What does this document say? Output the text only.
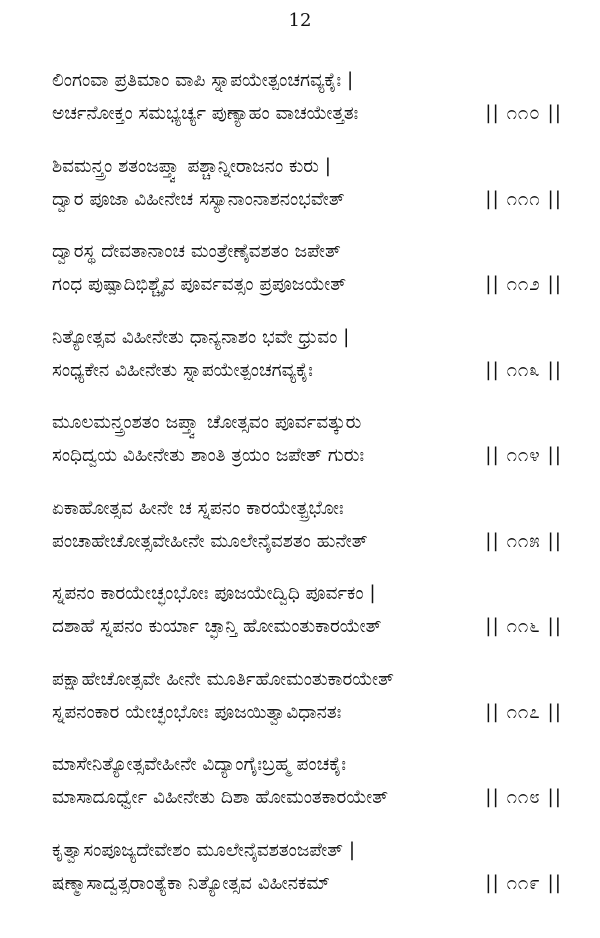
12
ಲಿಂಗಂವಾ ಪ್ರತಿಮಾಂ ವಾಪಿ ಸ್ನಾಪಯೇತ್ಪಂಚಗವ್ಯಕೈಃ |
ಅರ್ಚನೋಕ್ತಂ ಸಮಭ್ಯರ್ಚ್ಯ ಪುಣ್ಯಾಹಂ ವಾಚಯೇತ್ತತಃ	|| ೧೧೦ ||
ಶಿವಮನ್ತ್ರಂ ಶತಂಜಪ್ತ್ವಾ ಪಶ್ಚಾನ್ನೀರಾಜನಂ ಕುರು |
ದ್ವಾರ ಪೂಜಾ ವಿಹೀನೇಚ ಸಸ್ಯಾನಾಂನಾಶನಂಭವೇತ್	|| ೧೧೧ ||
ದ್ವಾರಸ್ಥ ದೇವತಾನಾಂಚ ಮಂತ್ರೇಣೈವಶತಂ ಜಪೇತ್
ಗಂಧ ಪುಷ್ಪಾದಿಭಿಶ್ಚೈವ ಪೂರ್ವವತ್ಸಂ ಪ್ರಪೂಜಯೇತ್	|| ೧೧೨ ||
ನಿತ್ಯೋತ್ಸವ ವಿಹೀನೇತು ಧಾನ್ಯನಾಶಂ ಭವೇ ಧ್ರುವಂ |
ಸಂಧ್ಯಕೇನ ವಿಹೀನೇತು ಸ್ನಾಪಯೇತ್ಪಂಚಗವ್ಯಕೈಃ	|| ೧೧೩ ||
ಮೂಲಮನ್ತ್ರಂಶತಂ ಜಪ್ತ್ವಾ ಚೋತ್ಸವಂ ಪೂರ್ವವತ್ಕುರು
ಸಂಧಿದ್ವಯ ವಿಹೀನೇತು ಶಾಂತಿ ತ್ರಯಂ ಜಪೇತ್ ಗುರುಃ	|| ೧೧೪ ||
ಏಕಾಹೋತ್ಸವ ಹೀನೇ ಚ ಸ್ನಪನಂ ಕಾರಯೇತ್ಪ್ರಭೋಃ
ಪಂಚಾಹೇಚೋತ್ಸವೇಹೀನೇ ಮೂಲೇನೈವಶತಂ ಹುನೇತ್	|| ೧೧೫ ||
ಸ್ನಪನಂ ಕಾರಯೇಚ್ಛಂಭೋಃ ಪೂಜಯೇದ್ವಿಧಿ ಪೂರ್ವಕಂ |
ದಶಾಹೆ ಸ್ನಪನಂ ಕುರ್ಯಾ ಚ್ಛಾನ್ತಿ ಹೋಮಂತುಕಾರಯೇತ್	|| ೧೧೬ ||
ಪಕ್ಷಾಹೇಚೋತ್ಸವೇ ಹೀನೇ ಮೂರ್ತಿಹೋಮಂತುಕಾರಯೇತ್
ಸ್ನಪನಂಕಾರ ಯೇಚ್ಛಂಭೋಃ ಪೂಜಯಿತ್ವಾವಿಧಾನತಃ	|| ೧೧೭ ||
ಮಾಸೇನಿತ್ಯೋತ್ಸವೇಹೀನೇ ವಿದ್ಯಾಂಗೈಃಬ್ರಹ್ಮ ಪಂಚಕೈಃ
ಮಾಸಾದೂರ್ಧ್ವೇ ವಿಹೀನೇತು ದಿಶಾ ಹೋಮಂತಕಾರಯೇತ್	|| ೧೧೮ ||
ಕೃತ್ವಾಸಂಪೂಜ್ಯದೇವೇಶಂ ಮೂಲೇನೈವಶತಂಜಪೇತ್ |
ಷಣ್ಮಾಸಾದ್ವತ್ಸರಾಂತ್ಯೆಕಾ ನಿತ್ಯೋತ್ಸವ ವಿಹೀನಕಮ್	|| ೧೧೯ ||
